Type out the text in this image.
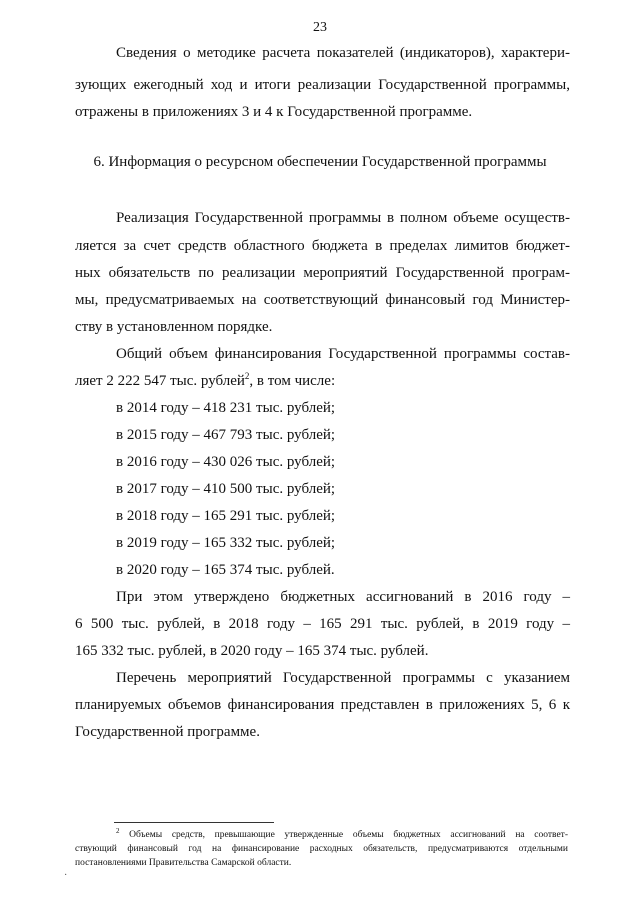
23
Сведения о методике расчета показателей (индикаторов), характери-
зующих ежегодный ход и итоги реализации Государственной программы,
отражены в приложениях 3 и 4 к Государственной программе.
6. Информация о ресурсном обеспечении Государственной программы
Реализация Государственной программы в полном объеме осуществ-
ляется за счет средств областного бюджета в пределах лимитов бюджет-
ных обязательств по реализации мероприятий Государственной програм-
мы, предусматриваемых на соответствующий финансовый год Министер-
ству в установленном порядке.
Общий объем финансирования Государственной программы состав-
ляет 2 222 547 тыс. рублей$^2$, в том числе:
в 2014 году – 418 231 тыс. рублей;
в 2015 году – 467 793 тыс. рублей;
в 2016 году – 430 026 тыс. рублей;
в 2017 году – 410 500 тыс. рублей;
в 2018 году – 165 291 тыс. рублей;
в 2019 году – 165 332 тыс. рублей;
в 2020 году – 165 374 тыс. рублей.
При этом утверждено бюджетных ассигнований в 2016 году –
6 500 тыс. рублей, в 2018 году – 165 291 тыс. рублей, в 2019 году –
165 332 тыс. рублей, в 2020 году – 165 374 тыс. рублей.
Перечень мероприятий Государственной программы с указанием
планируемых объемов финансирования представлен в приложениях 5, 6 к
Государственной программе.
$^2$ Объемы средств, превышающие утвержденные объемы бюджетных ассигнований на соответ-
ствующий финансовый год на финансирование расходных обязательств, предусматриваются отдельными
постановлениями Правительства Самарской области.
·
